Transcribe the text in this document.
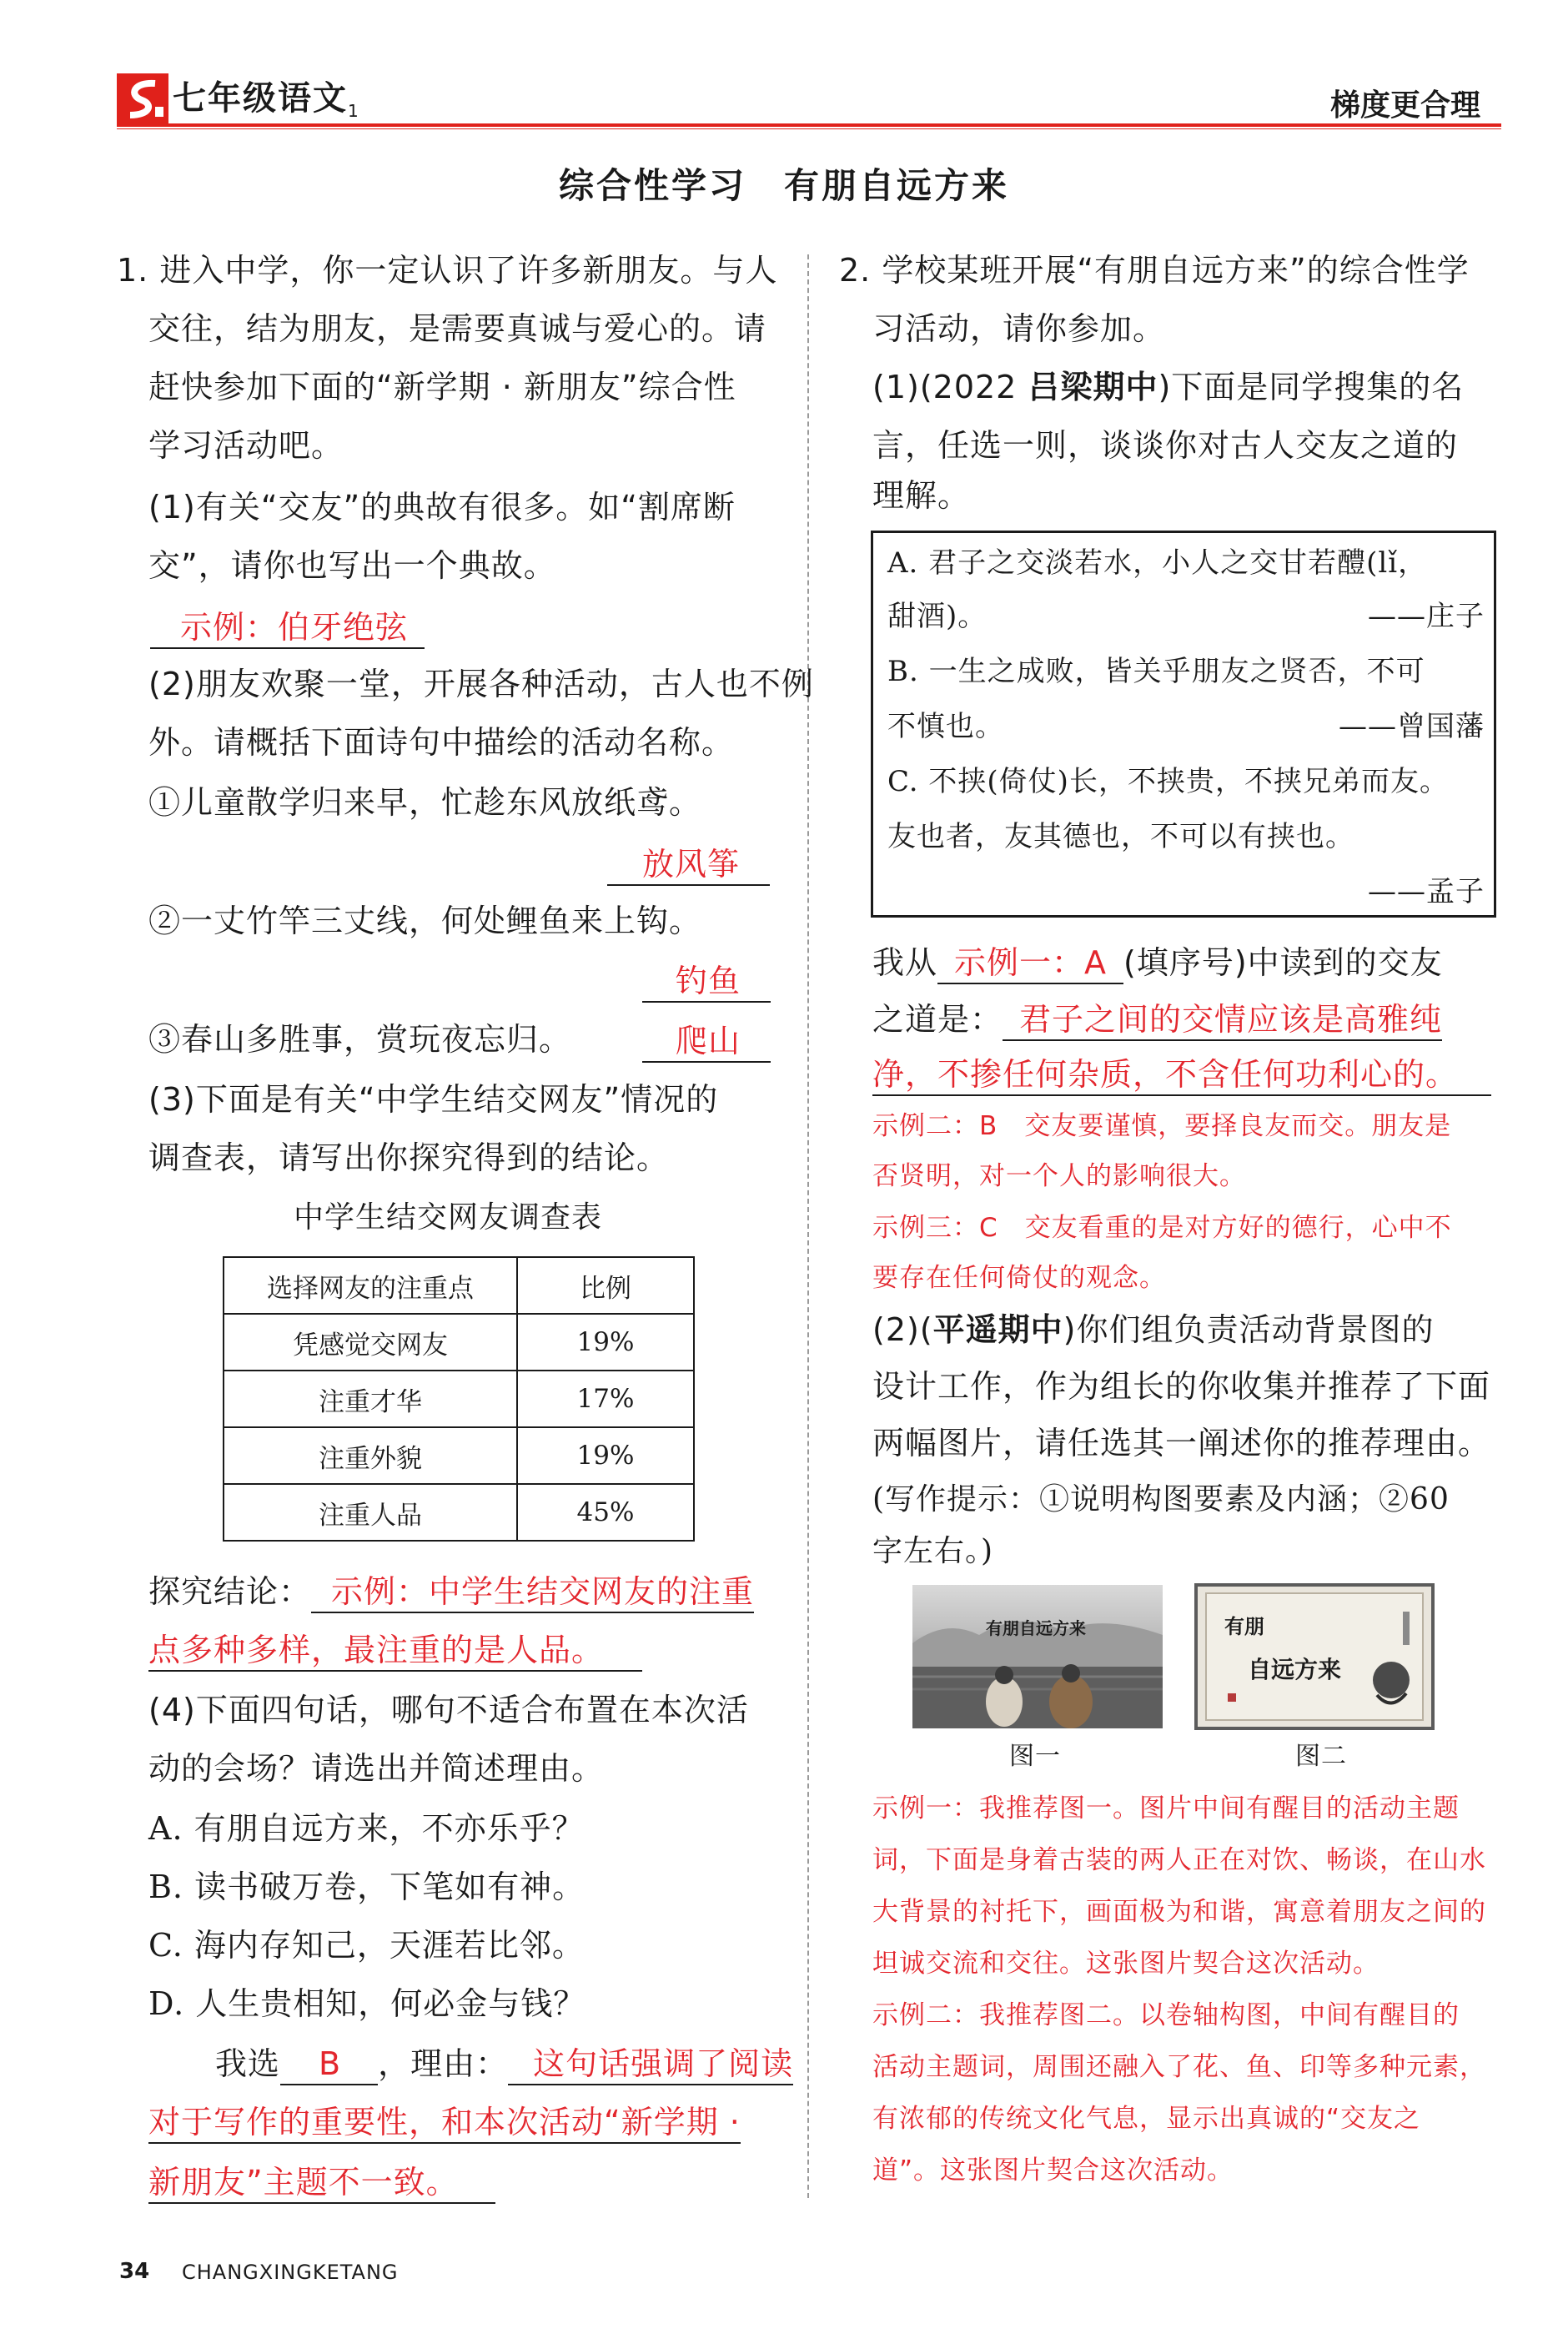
七年级语文$_1$	梯度更合理
综合性学习　有朋自远方来
1. 进入中学，你一定认识了许多新朋友。与人
交往，结为朋友，是需要真诚与爱心的。请
赶快参加下面的“新学期 · 新朋友”综合性
学习活动吧。
(1)有关“交友”的典故有很多。如“割席断
交”，请你也写出一个典故。
示例：伯牙绝弦
(2)朋友欢聚一堂，开展各种活动，古人也不例
外。请概括下面诗句中描绘的活动名称。
①儿童散学归来早，忙趁东风放纸鸢。
放风筝
②一丈竹竿三丈线，何处鲤鱼来上钩。
钓鱼
③春山多胜事，赏玩夜忘归。	爬山
(3)下面是有关“中学生结交网友”情况的
调查表，请写出你探究得到的结论。
中学生结交网友调查表
选择网友的注重点	比例
凭感觉交网友	19%
注重才华	17%
注重外貌	19%
注重人品	45%
探究结论： 示例：中学生结交网友的注重
点多种多样，最注重的是人品。
(4)下面四句话，哪句不适合布置在本次活
动的会场？请选出并简述理由。
A. 有朋自远方来，不亦乐乎？
B. 读书破万卷，下笔如有神。
C. 海内存知己，天涯若比邻。
D. 人生贵相知，何必金与钱？
我选 B ，理由： 这句话强调了阅读
对于写作的重要性，和本次活动“新学期 ·
新朋友”主题不一致。
2. 学校某班开展“有朋自远方来”的综合性学
习活动，请你参加。
(1)(2022 吕梁期中)下面是同学搜集的名
言，任选一则，谈谈你对古人交友之道的
理解。
A. 君子之交淡若水，小人之交甘若醴(lǐ，
甜酒)。	——庄子
B. 一生之成败，皆关乎朋友之贤否，不可
不慎也。	——曾国藩
C. 不挟(倚仗)长，不挟贵，不挟兄弟而友。
友也者，友其德也，不可以有挟也。
——孟子
我从 示例一：A (填序号)中读到的交友
之道是： 君子之间的交情应该是高雅纯
净，不掺任何杂质，不含任何功利心的。
示例二：B　交友要谨慎，要择良友而交。朋友是
否贤明，对一个人的影响很大。
示例三：C　交友看重的是对方好的德行，心中不
要存在任何倚仗的观念。
(2)(平遥期中)你们组负责活动背景图的
设计工作，作为组长的你收集并推荐了下面
两幅图片，请任选其一阐述你的推荐理由。
(写作提示：①说明构图要素及内涵；②60
字左右。)
有朋自远方来	有朋
自远方来
图一	图二
示例一：我推荐图一。图片中间有醒目的活动主题
词，下面是身着古装的两人正在对饮、畅谈，在山水
大背景的衬托下，画面极为和谐，寓意着朋友之间的
坦诚交流和交往。这张图片契合这次活动。
示例二：我推荐图二。以卷轴构图，中间有醒目的
活动主题词，周围还融入了花、鱼、印等多种元素，
有浓郁的传统文化气息，显示出真诚的“交友之
道”。这张图片契合这次活动。
34 CHANGXINGKETANG
